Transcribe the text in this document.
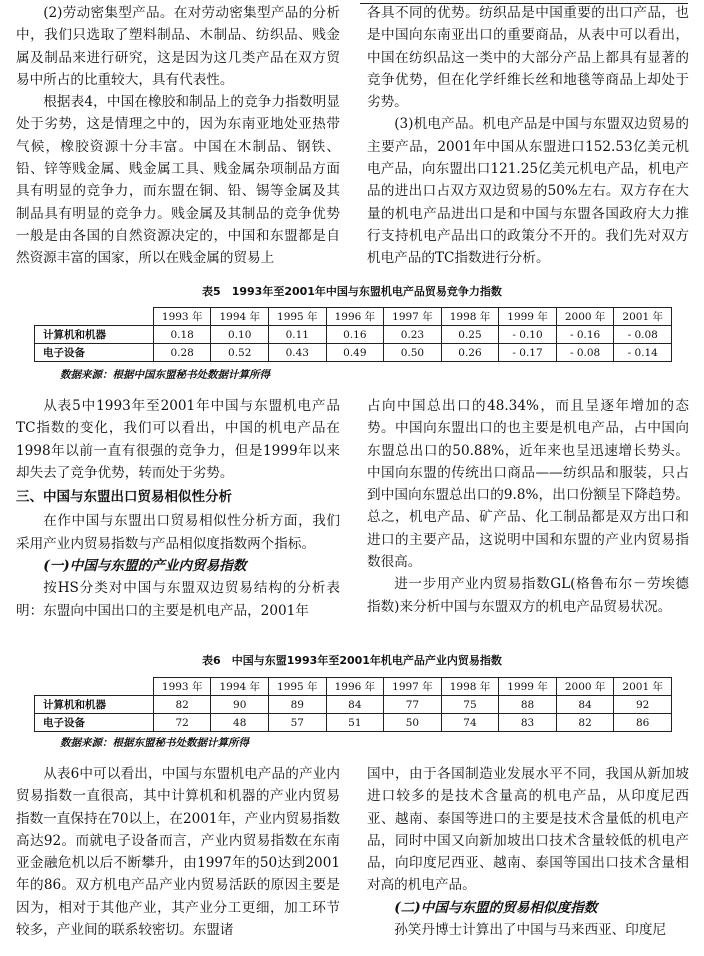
(2)劳动密集型产品。在对劳动密集型产品的分析中，我们只选取了塑料制品、木制品、纺织品、贱金属及制品来进行研究，这是因为这几类产品在双方贸易中所占的比重较大，具有代表性。

根据表4，中国在橡胶和制品上的竞争力指数明显处于劣势，这是情理之中的，因为东南亚地处亚热带气候，橡胶资源十分丰富。中国在木制品、钢铁、铅、锌等贱金属、贱金属工具、贱金属杂项制品方面具有明显的竞争力，而东盟在铜、铅、锡等金属及其制品具有明显的竞争力。贱金属及其制品的竞争优势一般是由各国的自然资源决定的，中国和东盟都是自然资源丰富的国家，所以在贱金属的贸易上

各具不同的优势。纺织品是中国重要的出口产品，也是中国向东南亚出口的重要商品，从表中可以看出，中国在纺织品这一类中的大部分产品上都具有显著的竞争优势，但在化学纤维长丝和地毯等商品上却处于劣势。

(3)机电产品。机电产品是中国与东盟双边贸易的主要产品，2001年中国从东盟进口152.53亿美元机电产品，向东盟出口121.25亿美元机电产品，机电产品的进出口占双方双边贸易的50%左右。双方存在大量的机电产品进出口是和中国与东盟各国政府大力推行支持机电产品出口的政策分不开的。我们先对双方机电产品的TC指数进行分析。

表5　1993年至2001年中国与东盟机电产品贸易竞争力指数
	1993 年	1994 年	1995 年	1996 年	1997 年	1998 年	1999 年	2000 年	2001 年
计算机和机器	0.18	0.10	0.11	0.16	0.23	0.25	- 0.10	- 0.16	- 0.08
电子设备	0.28	0.52	0.43	0.49	0.50	0.26	- 0.17	- 0.08	- 0.14
数据来源：根据中国东盟秘书处数据计算所得

从表5中1993年至2001年中国与东盟机电产品TC指数的变化，我们可以看出，中国的机电产品在1998年以前一直有很强的竞争力，但是1999年以来却失去了竞争优势，转而处于劣势。

三、中国与东盟出口贸易相似性分析

在作中国与东盟出口贸易相似性分析方面，我们采用产业内贸易指数与产品相似度指数两个指标。

(一)中国与东盟的产业内贸易指数

按HS分类对中国与东盟双边贸易结构的分析表明：东盟向中国出口的主要是机电产品，2001年

占向中国总出口的48.34%，而且呈逐年增加的态势。中国向东盟出口的也主要是机电产品，占中国向东盟总出口的50.88%，近年来也呈迅速增长势头。中国向东盟的传统出口商品——纺织品和服装，只占到中国向东盟总出口的9.8%，出口份额呈下降趋势。总之，机电产品、矿产品、化工制品都是双方出口和进口的主要产品，这说明中国和东盟的产业内贸易指数很高。

进一步用产业内贸易指数GL(格鲁布尔－劳埃德指数)来分析中国与东盟双方的机电产品贸易状况。

表6　中国与东盟1993年至2001年机电产品产业内贸易指数
	1993 年	1994 年	1995 年	1996 年	1997 年	1998 年	1999 年	2000 年	2001 年
计算机和机器	82	90	89	84	77	75	88	84	92
电子设备	72	48	57	51	50	74	83	82	86
数据来源：根据东盟秘书处数据计算所得

从表6中可以看出，中国与东盟机电产品的产业内贸易指数一直很高，其中计算机和机器的产业内贸易指数一直保持在70以上，在2001年，产业内贸易指数高达92。而就电子设备而言，产业内贸易指数在东南亚金融危机以后不断攀升，由1997年的50达到2001年的86。双方机电产品产业内贸易活跃的原因主要是因为，相对于其他产业，其产业分工更细，加工环节较多，产业间的联系较密切。东盟诸

国中，由于各国制造业发展水平不同，我国从新加坡进口较多的是技术含量高的机电产品，从印度尼西亚、越南、泰国等进口的主要是技术含量低的机电产品，同时中国又向新加坡出口技术含量较低的机电产品，向印度尼西亚、越南、泰国等国出口技术含量相对高的机电产品。

(二)中国与东盟的贸易相似度指数

孙笑丹博士计算出了中国与马来西亚、印度尼
